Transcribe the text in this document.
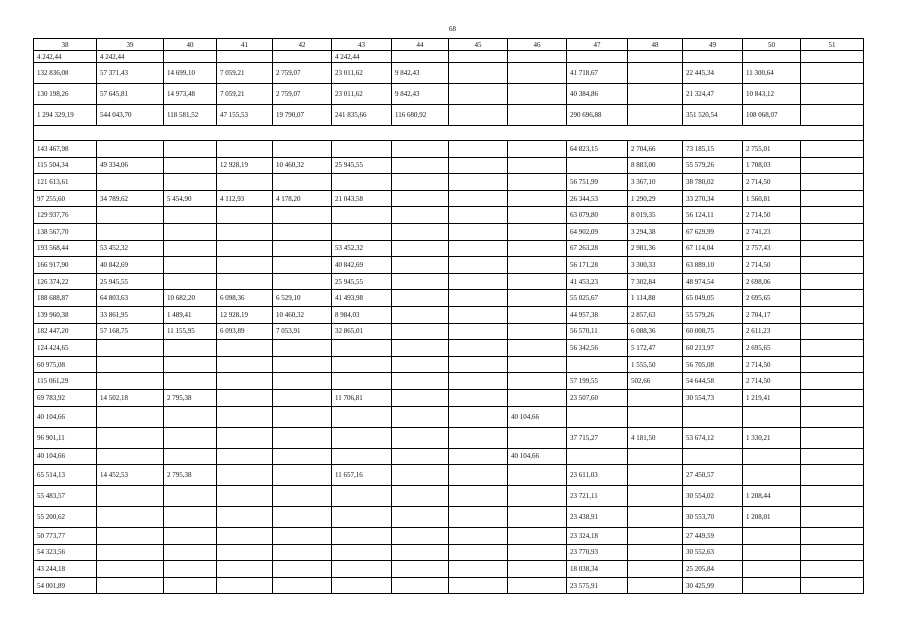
68
38	39	40	41	42	43	44	45	46	47	48	49	50	51
4 242,44	4 242,44				4 242,44								
132 836,08	57 371,43	14 699,10	7 059,21	2 759,07	23 011,62	9 842,43			41 718,67		22 445,34	11 300,64	
130 198,26	57 645,81	14 973,48	7 059,21	2 759,07	23 011,62	9 842,43			40 384,86		21 324,47	10 843,12	
1 294 329,19	544 043,70	118 581,52	47 155,53	19 790,07	241 835,66	116 680,92			290 696,88		351 520,54	108 068,07	

143 467,98									64 823,15	2 704,66	73 185,15	2 755,01	
115 504,34	49 334,06		12 928,19	10 460,32	25 945,55					8 883,00	55 579,26	1 708,03	
121 613,61									56 751,99	3 367,10	38 780,02	2 714,50	
97 255,60	34 789,62	5 454,90	4 112,93	4 178,20	21 043,58				26 344,53	1 290,29	33 270,34	1 560,81	
129 937,76									63 079,80	8 019,35	56 124,11	2 714,50	
138 567,70									64 902,09	3 294,38	67 629,99	2 741,23	
193 568,44	53 452,32				53 452,32				67 263,28	2 981,36	67 114,04	2 757,43	
166 917,90	40 842,69				40 842,69				56 171,28	3 300,33	63 889,10	2 714,50	
126 374,22	25 945,55				25 945,55				41 453,23	7 302,84	48 974,54	2 698,06	
188 688,87	64 803,63	10 682,20	6 098,36	6 529,10	41 493,98				55 025,67	1 114,88	65 049,05	2 695,65	
139 960,38	33 861,95	1 489,41	12 928,19	10 460,32	8 984,03				44 957,38	2 857,63	55 579,26	2 704,17	
182 447,20	57 168,75	11 155,95	6 093,89	7 053,91	32 865,01				56 570,11	6 088,36	60 008,75	2 611,23	
124 424,65									56 342,56	5 172,47	60 213,97	2 695,65	
60 975,08										1 555,50	56 705,08	2 714,50	
115 061,29									57 199,55	502,66	54 644,58	2 714,50	
69 783,92	14 502,18	2 795,38			11 706,81				23 507,60		30 554,73	1 219,41	
40 104,66								40 104,66					
96 901,11									37 715,27	4 181,50	53 674,12	1 330,21	
40 104,66								40 104,66					
65 514,13	14 452,53	2 795,38			11 657,16				23 611,03		27 450,57		
55 483,57									23 721,11		30 554,02	1 208,44	
55 200,62									23 438,91		30 553,70	1 208,01	
50 773,77									23 324,18		27 449,59		
54 323,56									23 770,93		30 552,63		
43 244,18									18 038,34		25 205,84		
54 001,89									23 575,91		30 425,99		
